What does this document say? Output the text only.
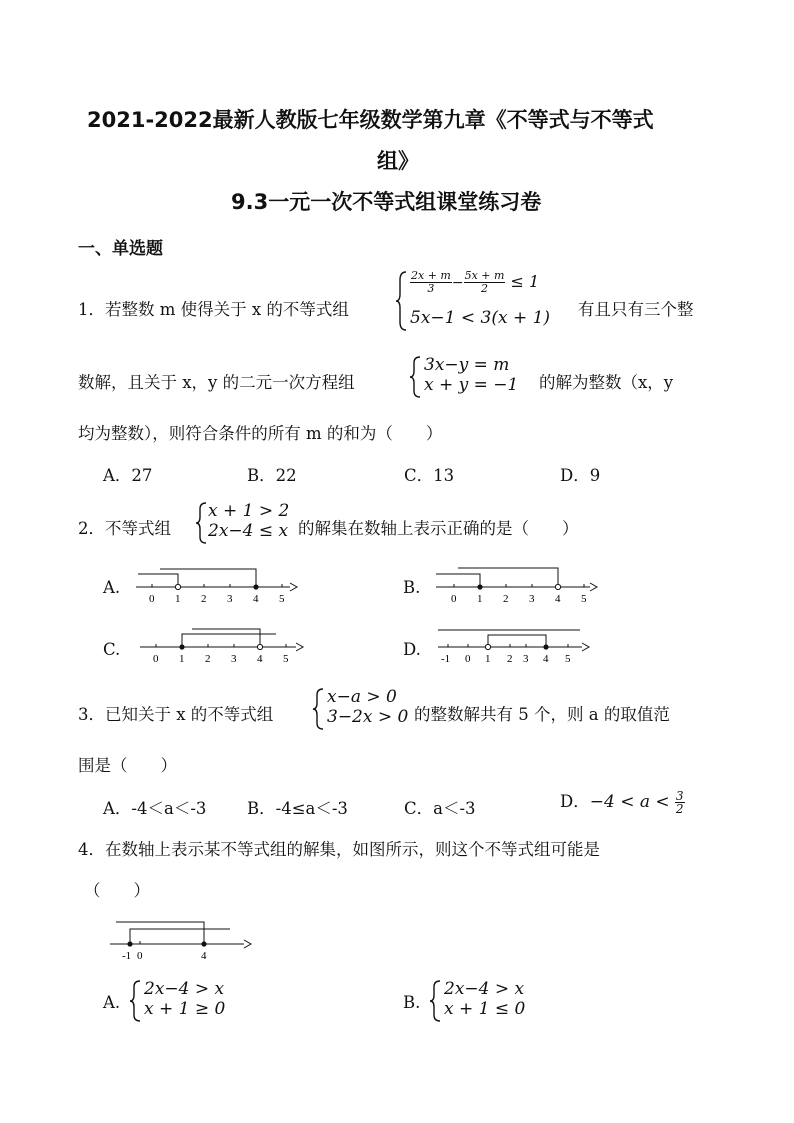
2021-2022最新人教版七年级数学第九章《不等式与不等式
组》
9.3一元一次不等式组课堂练习卷
一、单选题
1．若整数 m 使得关于 x 的不等式组
$\frac{2x + m}{3} - \frac{5x + m}{2} \le 1$
5x−1 < 3(x + 1) 有且只有三个整
数解，且关于 x，y 的二元一次方程组
3x−y = m
x + y = −1 的解为整数（x，y
均为整数），则符合条件的所有 m 的和为（　　）
A．27	B．22	C．13	D．9
2．不等式组
x + 1 > 2
2x−4 ≤ x 的解集在数轴上表示正确的是（　　）
A.
0 1 2 3 4 5
B.
0 1 2 3 4 5
C.	0 1 2 3 4 5	D. -1 0 1 2 3 4 5
3．已知关于 x 的不等式组
x−a > 0
3−2x > 0 的整数解共有 5 个，则 a 的取值范
围是（　　）
A．-4＜a＜-3 B．-4≤a＜-3	C．a＜-3	D．$-4 < a < \frac{3}{2}$
4．在数轴上表示某不等式组的解集，如图所示，则这个不等式组可能是
（　　）
-1 0	4
A.
2x−4 > x
x + 1 ≥ 0	B.
2x−4 > x
x + 1 ≤ 0
